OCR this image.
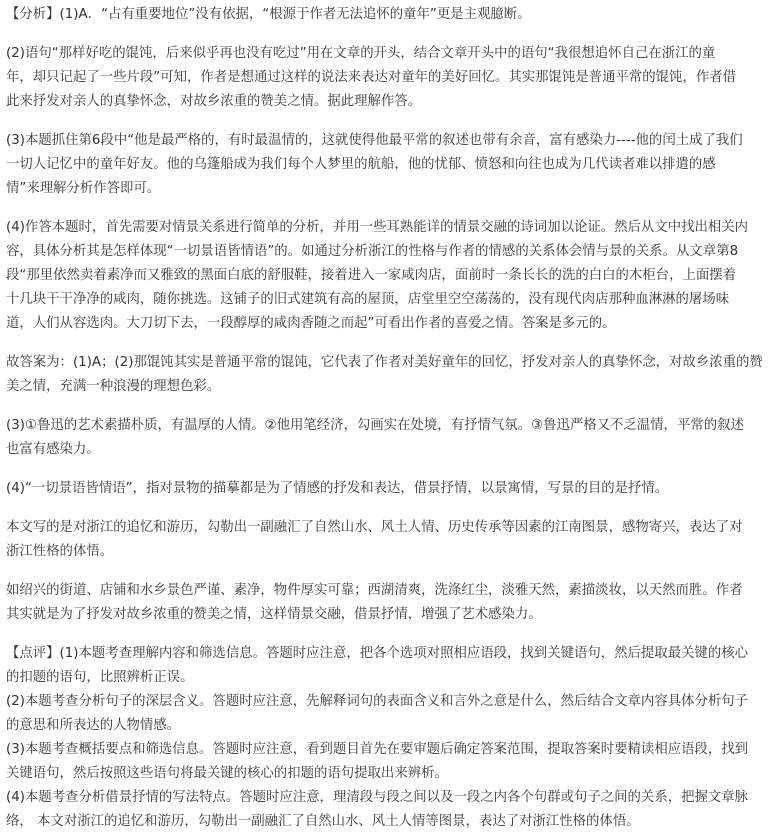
【分析】(1)A．“占有重要地位”没有依据，“根源于作者无法追怀的童年”更是主观臆断。

(2)语句“那样好吃的馄饨，后来似乎再也没有吃过”用在文章的开头，结合文章开头中的语句“我很想追怀自己在浙江的童
年，却只记起了一些片段”可知，作者是想通过这样的说法来表达对童年的美好回忆。其实那馄饨是普通平常的馄饨，作者借
此来抒发对亲人的真挚怀念，对故乡浓重的赞美之情。据此理解作答。

(3)本题抓住第6段中“他是最严格的，有时最温情的，这就使得他最平常的叙述也带有余音，富有感染力----他的闰土成了我们
一切人记忆中的童年好友。他的乌篷船成为我们每个人梦里的航船，他的忧郁、愤怒和向往也成为几代读者难以排遣的感
情”来理解分析作答即可。

(4)作答本题时，首先需要对情景关系进行简单的分析，并用一些耳熟能详的情景交融的诗词加以论证。然后从文中找出相关内
容，具体分析其是怎样体现“一切景语皆情语”的。如通过分析浙江的性格与作者的情感的关系体会情与景的关系。从文章第8
段“那里依然卖着素净而又雅致的黑面白底的舒服鞋，接着进入一家咸肉店，面前时一条长长的洗的白白的木柜台，上面摆着
十几块干干净净的咸肉，随你挑选。这铺子的旧式建筑有高的屋顶，店堂里空空荡荡的，没有现代肉店那种血淋淋的屠场味
道，人们从容选肉。大刀切下去，一段醇厚的咸肉香随之而起”可看出作者的喜爱之情。答案是多元的。

故答案为：(1)A；(2)那馄饨其实是普通平常的馄饨，它代表了作者对美好童年的回忆，抒发对亲人的真挚怀念，对故乡浓重的赞
美之情，充满一种浪漫的理想色彩。

(3)①鲁迅的艺术素描朴质，有温厚的人情。②他用笔经济，勾画实在处境，有抒情气氛。③鲁迅严格又不乏温情，平常的叙述
也富有感染力。

(4)“一切景语皆情语”，指对景物的描摹都是为了情感的抒发和表达，借景抒情，以景寓情，写景的目的是抒情。

本文写的是对浙江的追忆和游历，勾勒出一副融汇了自然山水、风土人情、历史传承等因素的江南图景，感物寄兴，表达了对
浙江性格的体悟。

如绍兴的街道、店铺和水乡景色严谨、素净，物件厚实可靠；西湖清爽，洗涤红尘，淡雅天然，素描淡妆，以天然而胜。作者
其实就是为了抒发对故乡浓重的赞美之情，这样情景交融，借景抒情，增强了艺术感染力。

【点评】(1)本题考查理解内容和筛选信息。答题时应注意，把各个选项对照相应语段，找到关键语句，然后提取最关键的核心
的扣题的语句，比照辨析正误。

(2)本题考查分析句子的深层含义。答题时应注意，先解释词句的表面含义和言外之意是什么，然后结合文章内容具体分析句子
的意思和所表达的人物情感。

(3)本题考查概括要点和筛选信息。答题时应注意，看到题目首先在要审题后确定答案范围，提取答案时要精读相应语段，找到
关键语句，然后按照这些语句将最关键的核心的扣题的语句提取出来辨析。

(4)本题考查分析借景抒情的写法特点。答题时应注意，理清段与段之间以及一段之内各个句群或句子之间的关系，把握文章脉
络， 本文对浙江的追忆和游历，勾勒出一副融汇了自然山水、风土人情等图景，表达了对浙江性格的体悟。
